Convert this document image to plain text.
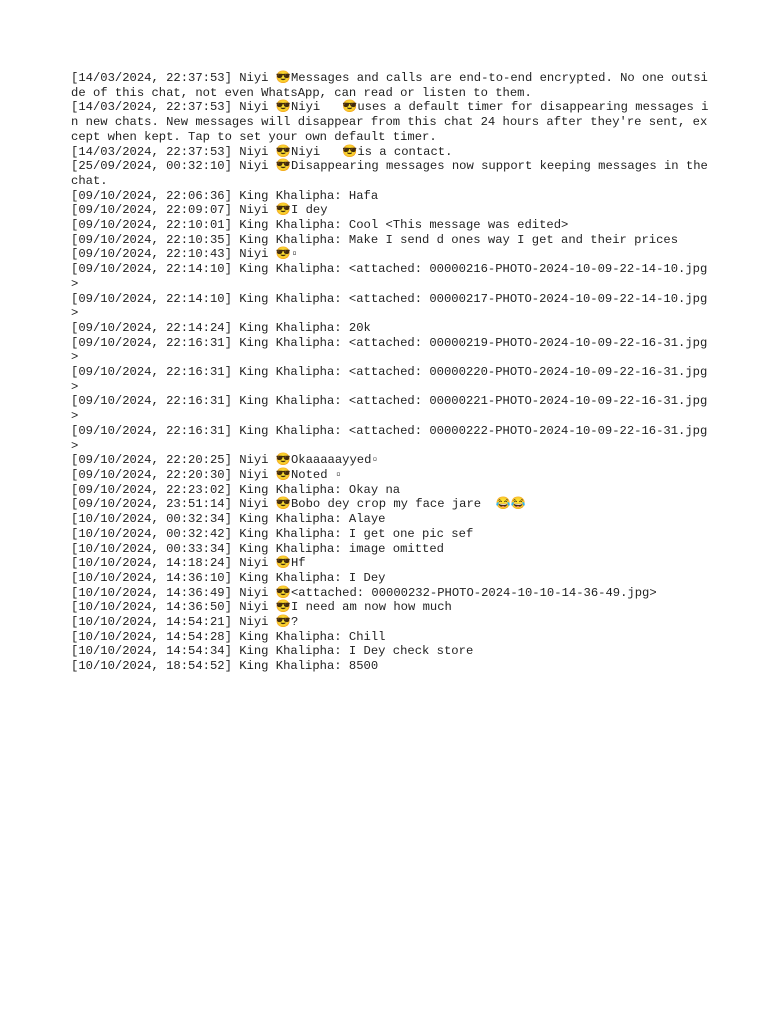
[14/03/2024, 22:37:53] Niyi 😎Messages and calls are end-to-end encrypted. No one outside of this chat, not even WhatsApp, can read or listen to them.
[14/03/2024, 22:37:53] Niyi 😎Niyi   😎uses a default timer for disappearing messages in new chats. New messages will disappear from this chat 24 hours after they're sent, except when kept. Tap to set your own default timer.
[14/03/2024, 22:37:53] Niyi 😎Niyi   😎is a contact.
[25/09/2024, 00:32:10] Niyi 😎Disappearing messages now support keeping messages in the chat.
[09/10/2024, 22:06:36] King Khalipha: Hafa
[09/10/2024, 22:09:07] Niyi 😎I dey
[09/10/2024, 22:10:01] King Khalipha: Cool <This message was edited>
[09/10/2024, 22:10:35] King Khalipha: Make I send d ones way I get and their prices
[09/10/2024, 22:10:43] Niyi 😎▫
[09/10/2024, 22:14:10] King Khalipha: <attached: 00000216-PHOTO-2024-10-09-22-14-10.jpg>
[09/10/2024, 22:14:10] King Khalipha: <attached: 00000217-PHOTO-2024-10-09-22-14-10.jpg>
[09/10/2024, 22:14:24] King Khalipha: 20k
[09/10/2024, 22:16:31] King Khalipha: <attached: 00000219-PHOTO-2024-10-09-22-16-31.jpg>
[09/10/2024, 22:16:31] King Khalipha: <attached: 00000220-PHOTO-2024-10-09-22-16-31.jpg>
[09/10/2024, 22:16:31] King Khalipha: <attached: 00000221-PHOTO-2024-10-09-22-16-31.jpg>
[09/10/2024, 22:16:31] King Khalipha: <attached: 00000222-PHOTO-2024-10-09-22-16-31.jpg>
[09/10/2024, 22:20:25] Niyi 😎Okaaaaayyed▫
[09/10/2024, 22:20:30] Niyi 😎Noted ▫
[09/10/2024, 22:23:02] King Khalipha: Okay na
[09/10/2024, 23:51:14] Niyi 😎Bobo dey crop my face jare  😂😂
[10/10/2024, 00:32:34] King Khalipha: Alaye
[10/10/2024, 00:32:42] King Khalipha: I get one pic sef
[10/10/2024, 00:33:34] King Khalipha: image omitted
[10/10/2024, 14:18:24] Niyi 😎Hf
[10/10/2024, 14:36:10] King Khalipha: I Dey
[10/10/2024, 14:36:49] Niyi 😎<attached: 00000232-PHOTO-2024-10-10-14-36-49.jpg>
[10/10/2024, 14:36:50] Niyi 😎I need am now how much
[10/10/2024, 14:54:21] Niyi 😎?
[10/10/2024, 14:54:28] King Khalipha: Chill
[10/10/2024, 14:54:34] King Khalipha: I Dey check store
[10/10/2024, 18:54:52] King Khalipha: 8500
